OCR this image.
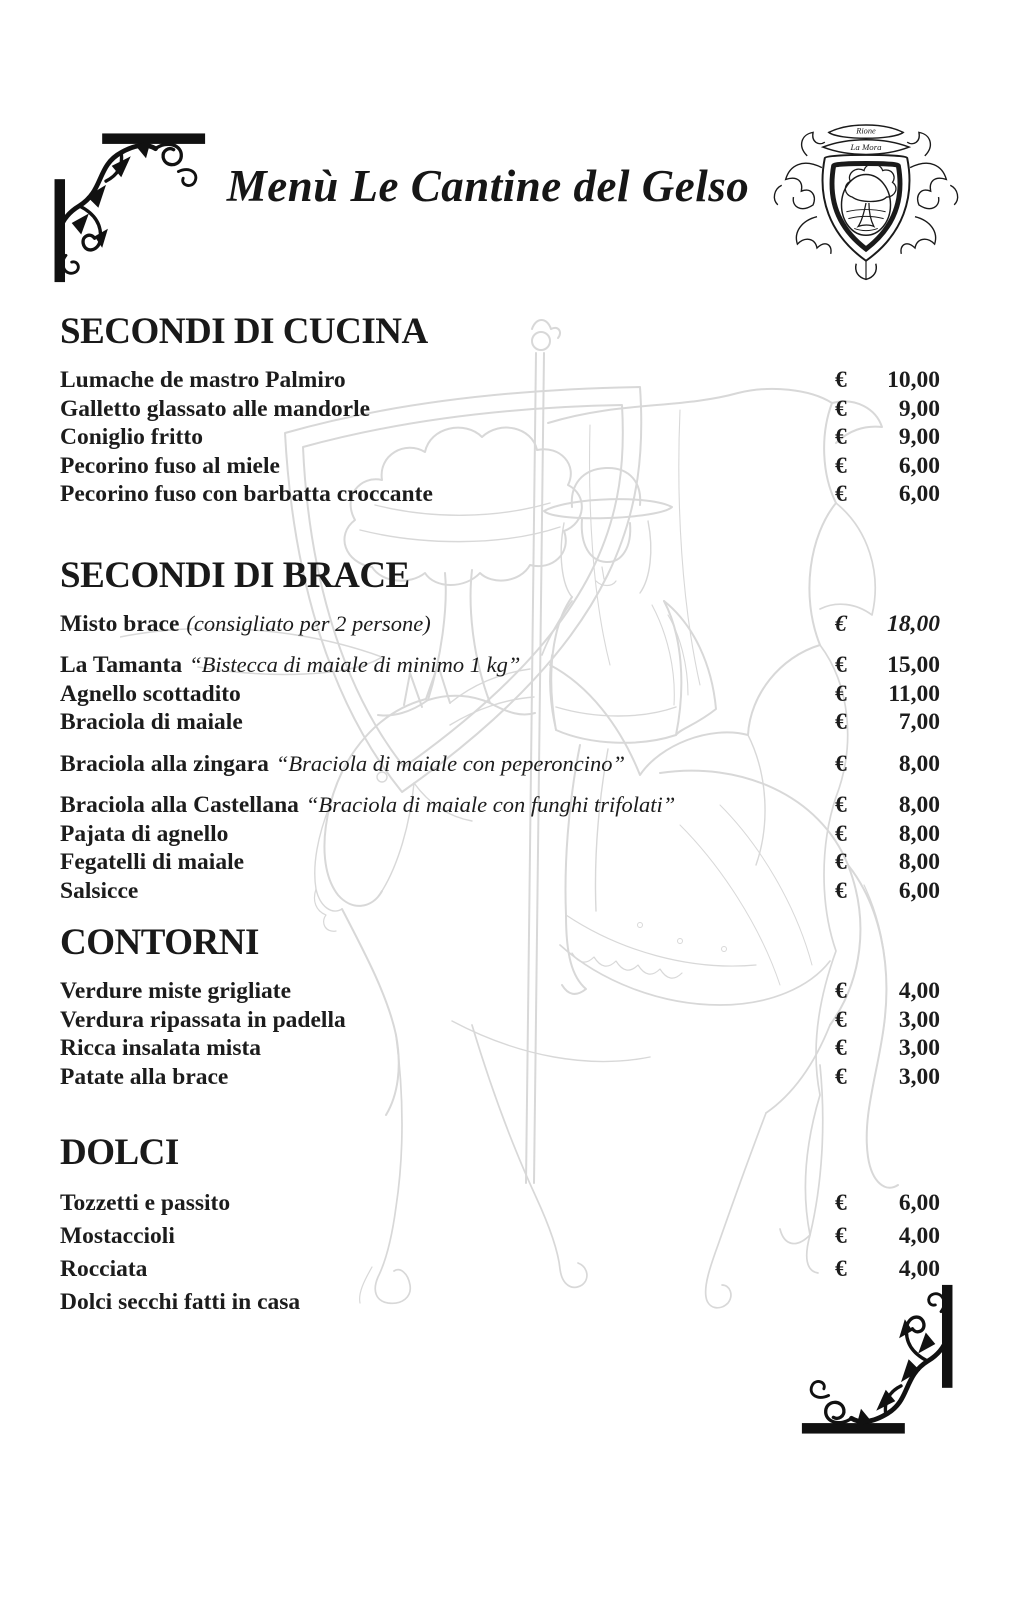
Menù Le Cantine del Gelso
Rione
La Mora
SECONDI DI CUCINA
Lumache de mastro Palmiro	€	10,00
Galletto glassato alle mandorle	€	9,00
Coniglio fritto	€	9,00
Pecorino fuso al miele	€	6,00
Pecorino fuso con barbatta croccante	€	6,00
SECONDI DI BRACE
Misto brace (consigliato per 2 persone)	€	18,00
La Tamanta “Bistecca di maiale di minimo 1 kg”	€	15,00
Agnello scottadito	€	11,00
Braciola di maiale	€	7,00
Braciola alla zingara “Braciola di maiale con peperoncino”	€	8,00
Braciola alla Castellana “Braciola di maiale con funghi trifolati”	€	8,00
Pajata di agnello	€	8,00
Fegatelli di maiale	€	8,00
Salsicce	€	6,00
CONTORNI
Verdure miste grigliate	€	4,00
Verdura ripassata in padella	€	3,00
Ricca insalata mista	€	3,00
Patate alla brace	€	3,00
DOLCI
Tozzetti e passito	€	6,00
Mostaccioli	€	4,00
Rocciata	€	4,00
Dolci secchi fatti in casa
